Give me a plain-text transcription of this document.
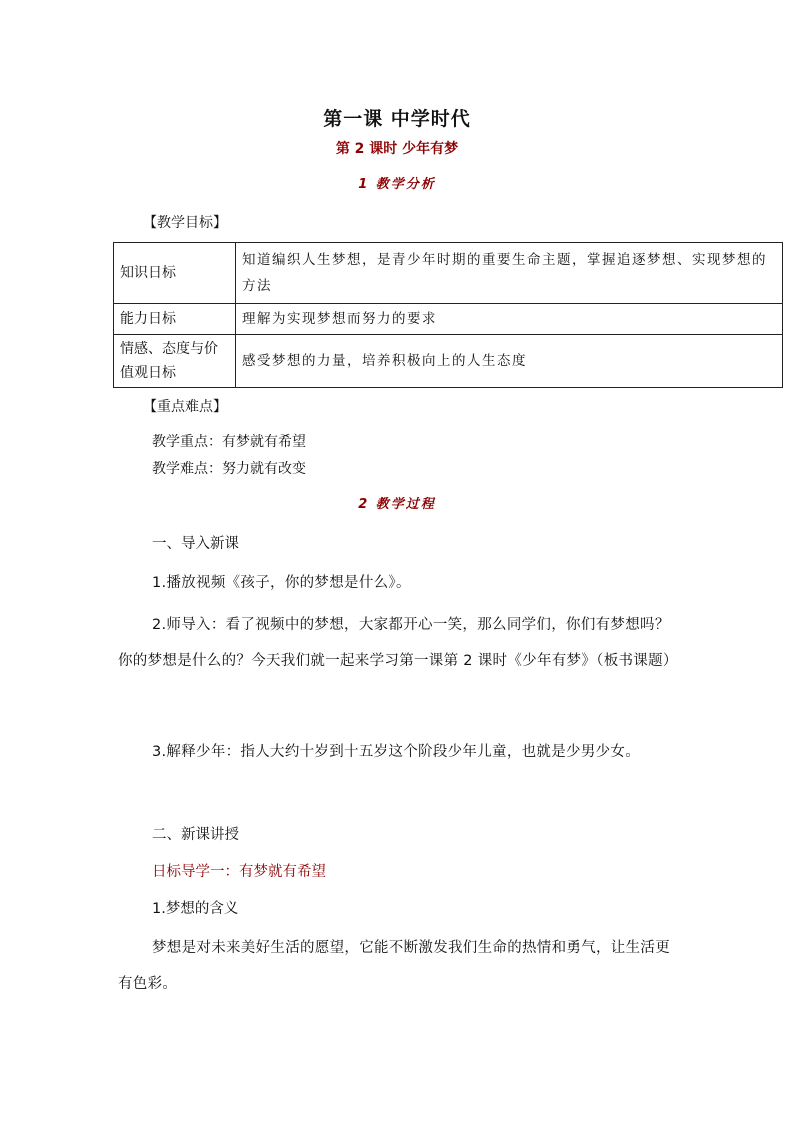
第一课 中学时代
第 2 课时 少年有梦
1 教学分析
【教学目标】
知识日标	知道编织人生梦想，是青少年时期的重要生命主题，掌握追逐梦想、实现梦想的方法
能力日标	理解为实现梦想而努力的要求
情感、态度与价值观日标	感受梦想的力量，培养积极向上的人生态度
【重点难点】
教学重点：有梦就有希望
教学难点：努力就有改变
2 教学过程
一、导入新课
1.播放视频《孩子，你的梦想是什么》。
2.师导入：看了视频中的梦想，大家都开心一笑，那么同学们，你们有梦想吗？你的梦想是什么的？今天我们就一起来学习第一课第 2 课时《少年有梦》（板书课题）
3.解释少年：指人大约十岁到十五岁这个阶段少年儿童，也就是少男少女。
二、新课讲授
日标导学一：有梦就有希望
1.梦想的含义
梦想是对未来美好生活的愿望，它能不断激发我们生命的热情和勇气，让生活更有色彩。
